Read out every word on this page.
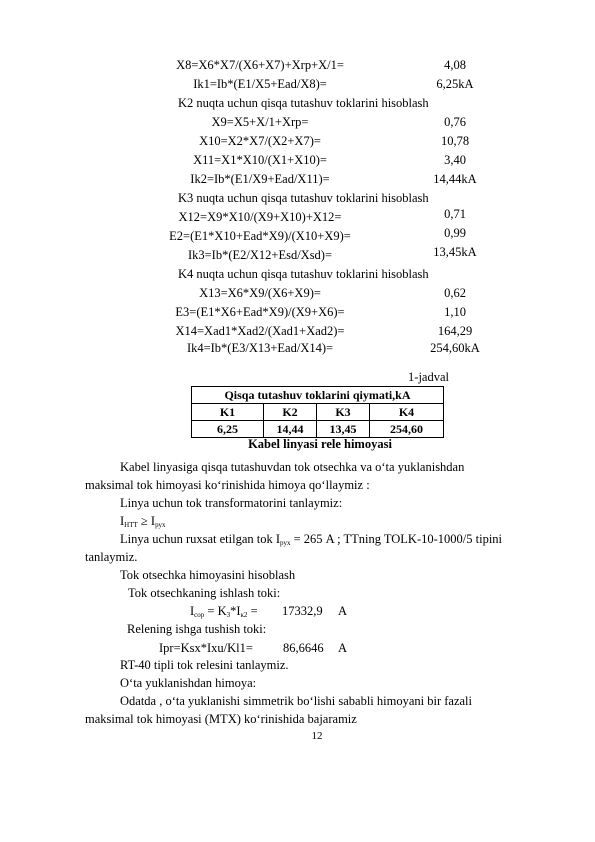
X8=X6*X7/(X6+X7)+Xrp+X/1=	4,08
Ik1=Ib*(E1/X5+Ead/X8)=	6,25kA
K2 nuqta uchun qisqa tutashuv toklarini hisoblash
X9=X5+X/1+Xrp=	0,76
X10=X2*X7/(X2+X7)=	10,78
X11=X1*X10/(X1+X10)=	3,40
Ik2=Ib*(E1/X9+Ead/X11)=	14,44kA
K3 nuqta uchun qisqa tutashuv toklarini hisoblash
X12=X9*X10/(X9+X10)+X12=	0,71
E2=(E1*X10+Ead*X9)/(X10+X9)=	0,99
Ik3=Ib*(E2/X12+Esd/Xsd)=	13,45kA
K4 nuqta uchun qisqa tutashuv toklarini hisoblash
X13=X6*X9/(X6+X9)=	0,62
E3=(E1*X6+Ead*X9)/(X9+X6)=	1,10
X14=Xad1*Xad2/(Xad1+Xad2)=	164,29
Ik4=Ib*(E3/X13+Ead/X14)=	254,60kA
1-jadval
Qisqa tutashuv toklarini qiymati,kA			
K1	K2	K3	K4
6,25	14,44	13,45	254,60
Kabel linyasi rele himoyasi
Kabel linyasiga qisqa tutashuvdan tok otsechka va o‘ta yuklanishdan
maksimal tok himoyasi ko‘rinishida himoya qo‘llaymiz :
Linya uchun tok transformatorini tanlaymiz:
$I_{НТТ} \ge I_{рух}$
Linya uchun ruxsat etilgan tok $I_{рух} = 265$ A ; TTning TOLK-10-1000/5 tipini
tanlaymiz.
Tok otsechka himoyasini hisoblash
Tok otsechkaning ishlash toki:
$I_{сор} = K_3*I_{к2} = 17332,9$ A
Relening ishga tushish toki:
Ipr=Ksx*Ixu/Kl1= 86,6646 A
RT-40 tipli tok relesini tanlaymiz.
O‘ta yuklanishdan himoya:
Odatda , o‘ta yuklanishi simmetrik bo‘lishi sababli himoyani bir fazali
maksimal tok himoyasi (MTX) ko‘rinishida bajaramiz
12
